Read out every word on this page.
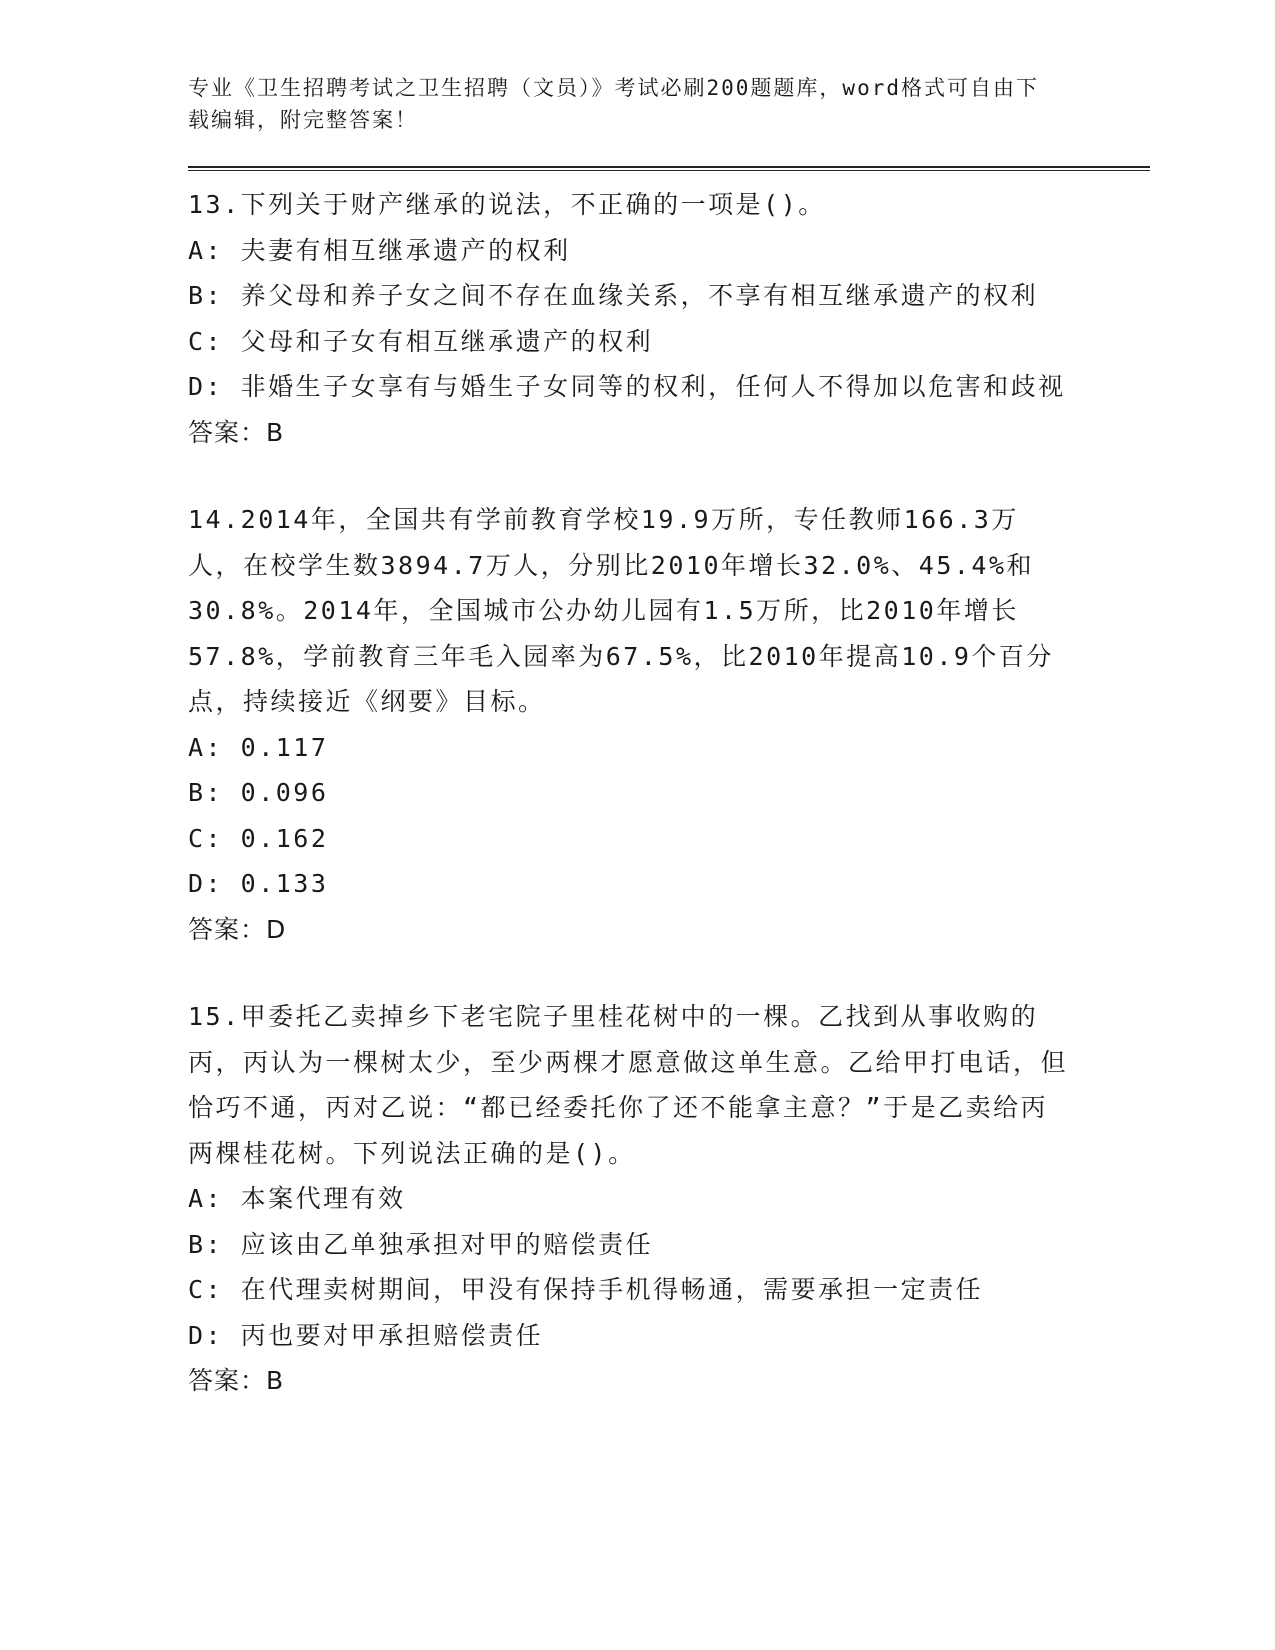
专业《卫生招聘考试之卫生招聘（文员）》考试必刷200题题库，word格式可自由下载编辑，附完整答案！

13.下列关于财产继承的说法，不正确的一项是()。

A: 夫妻有相互继承遗产的权利

B: 养父母和养子女之间不存在血缘关系，不享有相互继承遗产的权利

C: 父母和子女有相互继承遗产的权利

D: 非婚生子女享有与婚生子女同等的权利，任何人不得加以危害和歧视

答案：B

14.2014年，全国共有学前教育学校19.9万所，专任教师166.3万人，在校学生数3894.7万人，分别比2010年增长32.0%、45.4%和30.8%。2014年，全国城市公办幼儿园有1.5万所，比2010年增长57.8%，学前教育三年毛入园率为67.5%，比2010年提高10.9个百分点，持续接近《纲要》目标。

A: 0.117

B: 0.096

C: 0.162

D: 0.133

答案：D

15.甲委托乙卖掉乡下老宅院子里桂花树中的一棵。乙找到从事收购的丙，丙认为一棵树太少，至少两棵才愿意做这单生意。乙给甲打电话，但恰巧不通，丙对乙说：“都已经委托你了还不能拿主意？”于是乙卖给丙两棵桂花树。下列说法正确的是()。

A: 本案代理有效

B: 应该由乙单独承担对甲的赔偿责任

C: 在代理卖树期间，甲没有保持手机得畅通，需要承担一定责任

D: 丙也要对甲承担赔偿责任

答案：B
